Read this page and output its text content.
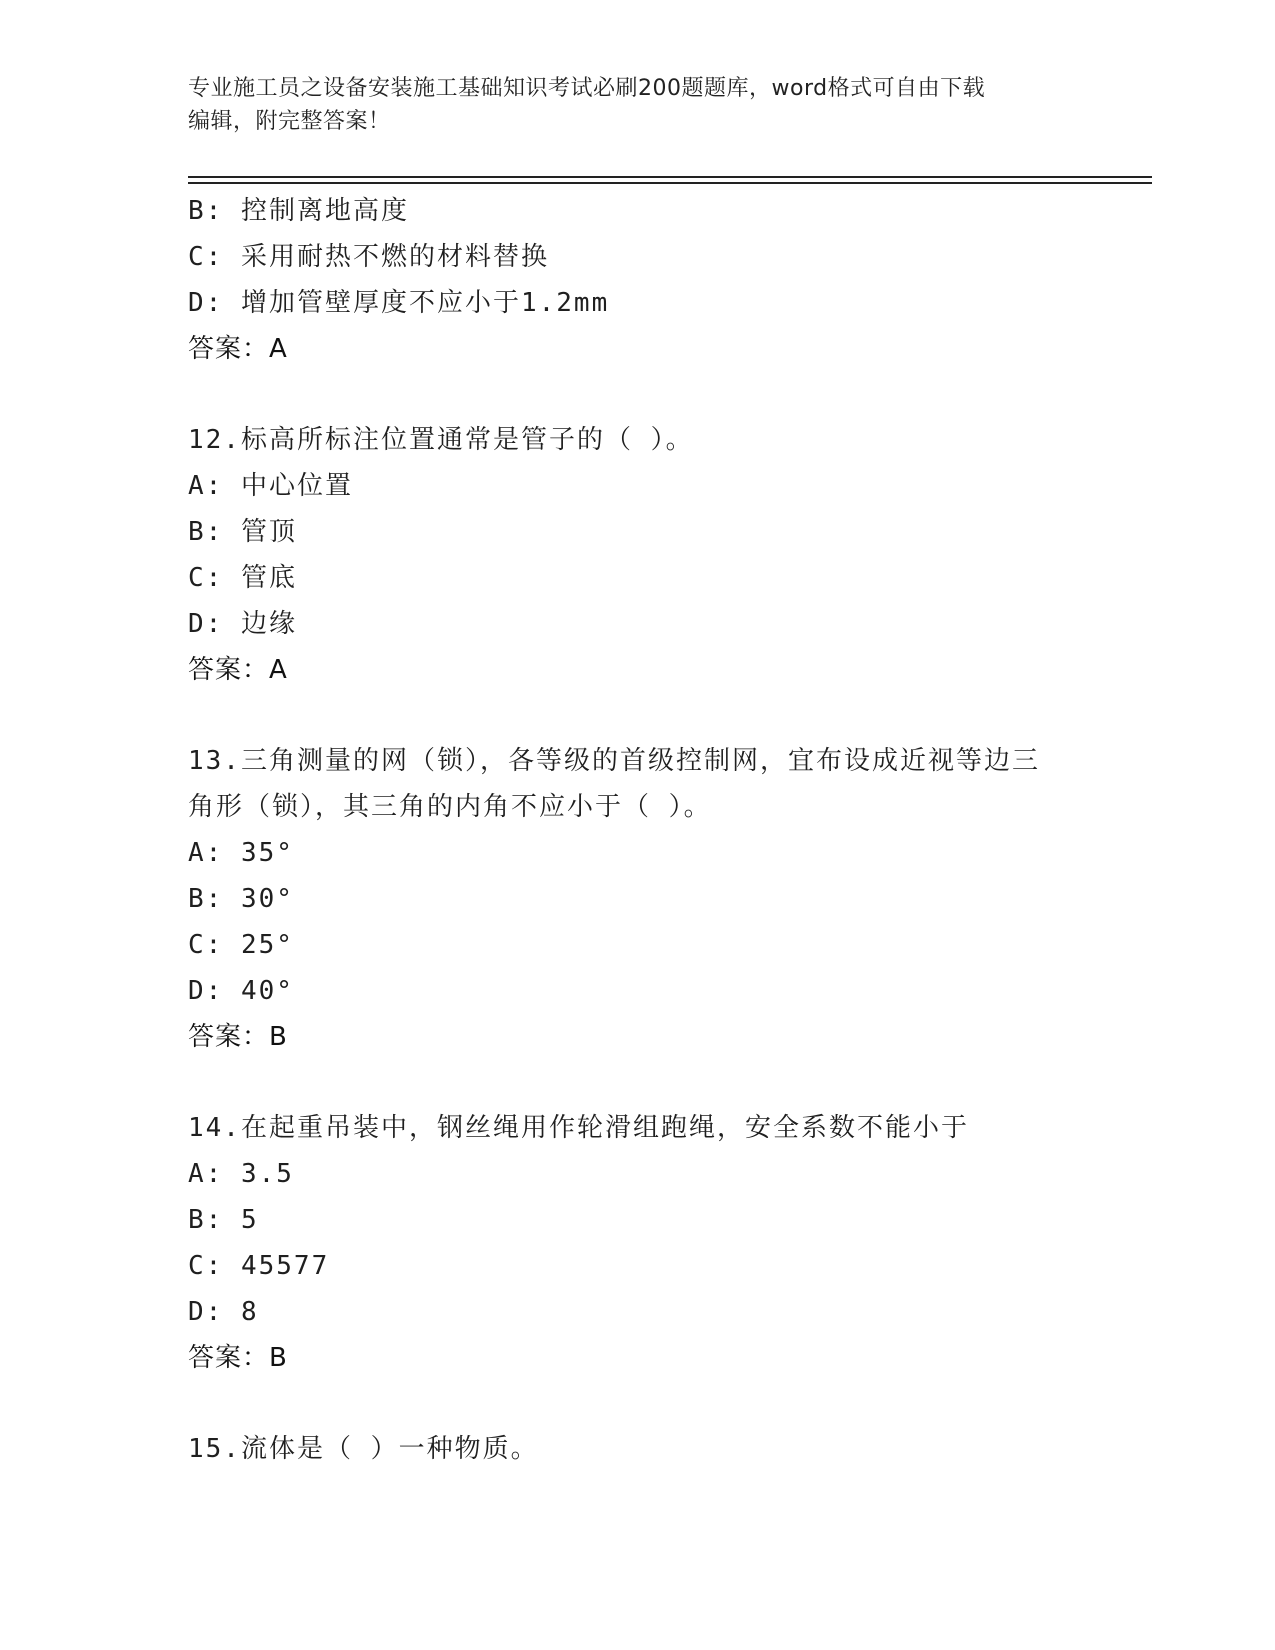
专业施工员之设备安装施工基础知识考试必刷200题题库，word格式可自由下载
编辑，附完整答案！
B: 控制离地高度
C: 采用耐热不燃的材料替换
D: 增加管壁厚度不应小于1.2mm
答案：A
12.标高所标注位置通常是管子的（ ）。
A: 中心位置
B: 管顶
C: 管底
D: 边缘
答案：A
13.三角测量的网（锁），各等级的首级控制网，宜布设成近视等边三
角形（锁），其三角的内角不应小于（ ）。
A: 35°
B: 30°
C: 25°
D: 40°
答案：B
14.在起重吊装中，钢丝绳用作轮滑组跑绳，安全系数不能小于
A: 3.5
B: 5
C: 45577
D: 8
答案：B
15.流体是（ ）一种物质。
